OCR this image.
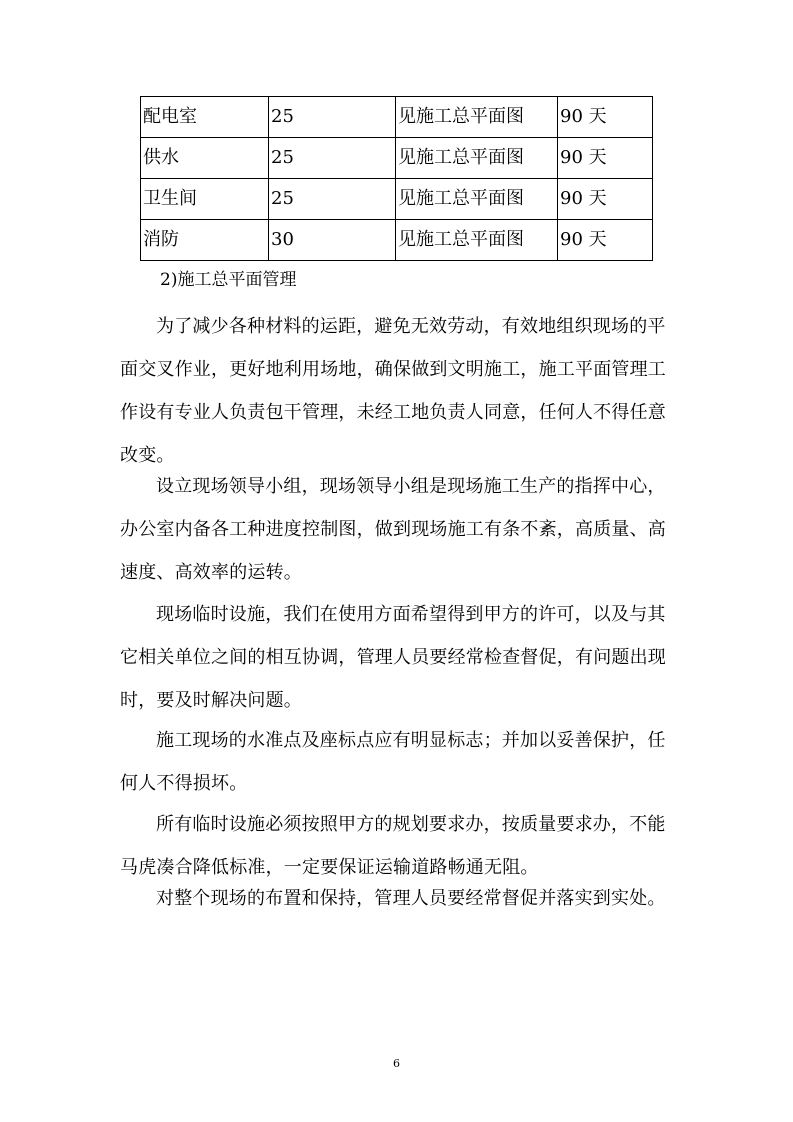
配电室	25	见施工总平面图	90 天
供水	25	见施工总平面图	90 天
卫生间	25	见施工总平面图	90 天
消防	30	见施工总平面图	90 天
2)施工总平面管理

为了减少各种材料的运距，避免无效劳动，有效地组织现场的平面交叉作业，更好地利用场地，确保做到文明施工，施工平面管理工作设有专业人负责包干管理，未经工地负责人同意，任何人不得任意改变。

设立现场领导小组，现场领导小组是现场施工生产的指挥中心，办公室内备各工种进度控制图，做到现场施工有条不紊，高质量、高速度、高效率的运转。

现场临时设施，我们在使用方面希望得到甲方的许可，以及与其它相关单位之间的相互协调，管理人员要经常检查督促，有问题出现时，要及时解决问题。

施工现场的水准点及座标点应有明显标志；并加以妥善保护，任何人不得损坏。

所有临时设施必须按照甲方的规划要求办，按质量要求办，不能马虎凑合降低标准，一定要保证运输道路畅通无阻。

对整个现场的布置和保持，管理人员要经常督促并落实到实处。

6
